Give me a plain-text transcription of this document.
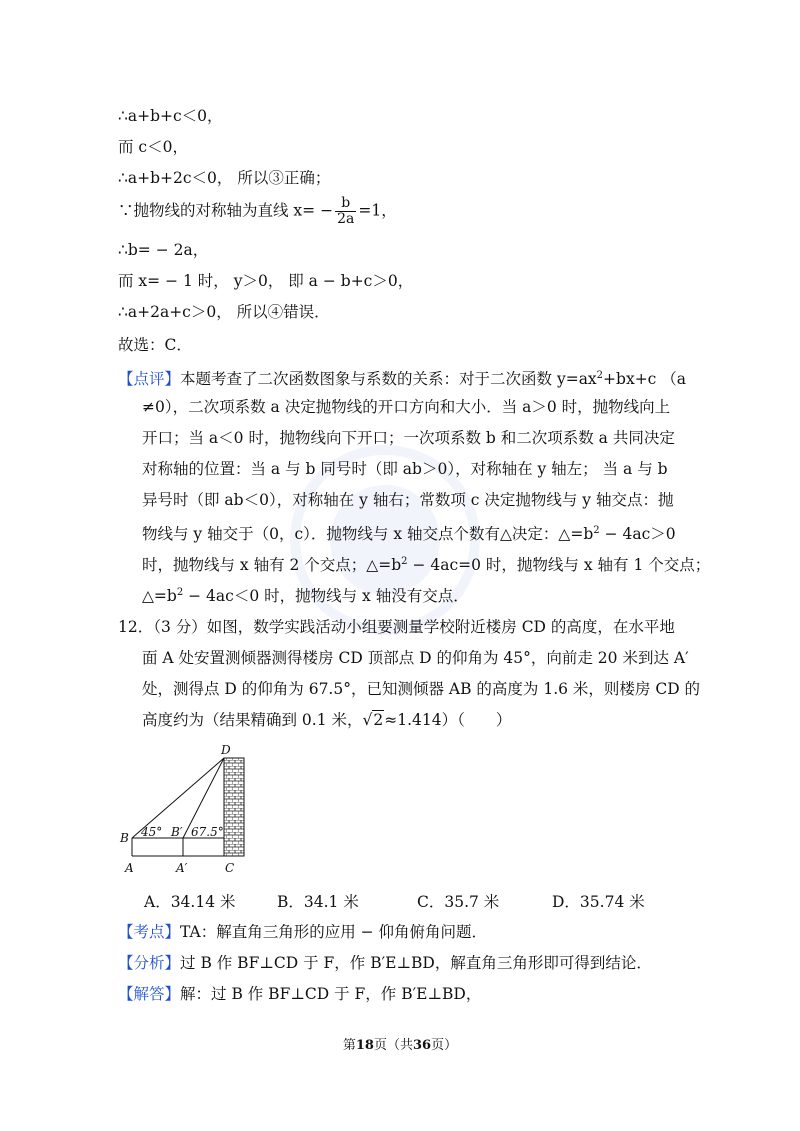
∴a+b+c＜0，
而 c＜0，
∴a+b+2c＜0， 所以③正确；
∵抛物线的对称轴为直线 $x= - \frac{b}{2a} =1$，
∴b= − 2a，
而 x= − 1 时， y＞0， 即 a − b+c＞0，
∴a+2a+c＞0， 所以④错误．
故选：C．
【点评】本题考查了二次函数图象与系数的关系：对于二次函数 $y=ax^2+bx+c$ （a
≠0），二次项系数 a 决定抛物线的开口方向和大小．当 a＞0 时，抛物线向上
开口；当 a＜0 时，抛物线向下开口；一次项系数 b 和二次项系数 a 共同决定
对称轴的位置：当 a 与 b 同号时（即 ab＞0），对称轴在 y 轴左； 当 a 与 b
异号时（即 ab＜0），对称轴在 y 轴右；常数项 c 决定抛物线与 y 轴交点：抛
物线与 y 轴交于（0，c）．抛物线与 x 轴交点个数有△决定：$\triangle=b^2 - 4ac>0$
时，抛物线与 x 轴有 2 个交点；$\triangle=b^2 - 4ac=0$ 时，抛物线与 x 轴有 1 个交点；
$\triangle=b^2 - 4ac<0$ 时，抛物线与 x 轴没有交点．
12．（3 分）如图，数学实践活动小组要测量学校附近楼房 CD 的高度，在水平地
面 A 处安置测倾器测得楼房 CD 顶部点 D 的仰角为 45°，向前走 20 米到达 A′
处，测得点 D 的仰角为 67.5°，已知测倾器 AB 的高度为 1.6 米，则楼房 CD 的
高度约为（结果精确到 0.1 米，√2≈1.414）（　　）
D
B 45° B′ 67.5°
A	A′	C
A．34.14 米	B．34.1 米	C．35.7 米	D．35.74 米
【考点】TA：解直角三角形的应用 − 仰角俯角问题．
【分析】过 B 作 BF⊥CD 于 F，作 B′E⊥BD，解直角三角形即可得到结论．
【解答】解：过 B 作 BF⊥CD 于 F，作 B′E⊥BD，
第18页（共36页）
